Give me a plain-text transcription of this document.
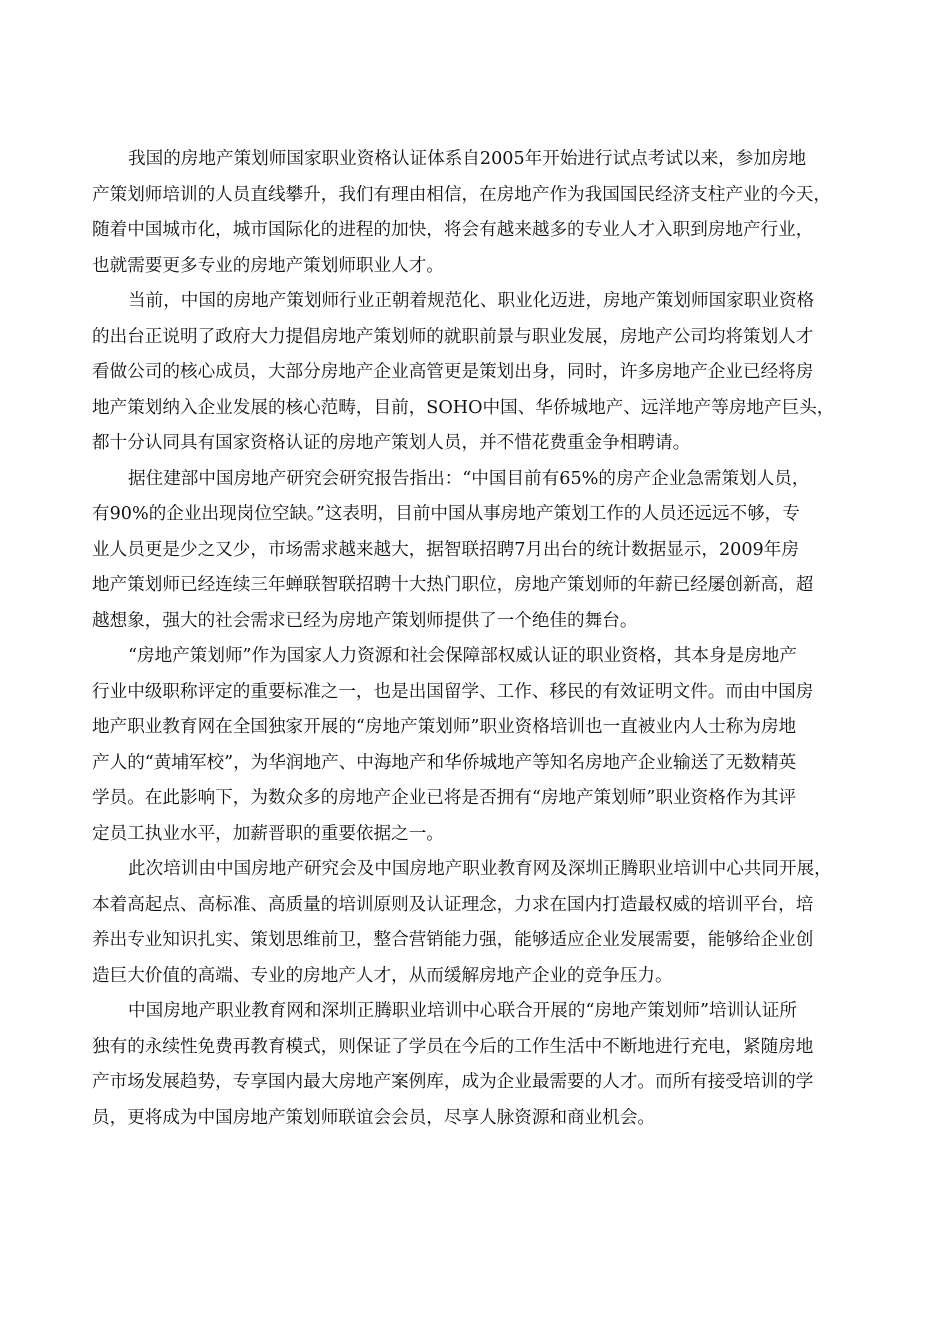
我国的房地产策划师国家职业资格认证体系自2005年开始进行试点考试以来，参加房地
产策划师培训的人员直线攀升，我们有理由相信，在房地产作为我国国民经济支柱产业的今天，
随着中国城市化，城市国际化的进程的加快，将会有越来越多的专业人才入职到房地产行业，
也就需要更多专业的房地产策划师职业人才。
当前，中国的房地产策划师行业正朝着规范化、职业化迈进，房地产策划师国家职业资格
的出台正说明了政府大力提倡房地产策划师的就职前景与职业发展，房地产公司均将策划人才
看做公司的核心成员，大部分房地产企业高管更是策划出身，同时，许多房地产企业已经将房
地产策划纳入企业发展的核心范畴，目前，SOHO中国、华侨城地产、远洋地产等房地产巨头，
都十分认同具有国家资格认证的房地产策划人员，并不惜花费重金争相聘请。
据住建部中国房地产研究会研究报告指出：“中国目前有65%的房产企业急需策划人员，
有90%的企业出现岗位空缺。”这表明，目前中国从事房地产策划工作的人员还远远不够，专
业人员更是少之又少，市场需求越来越大，据智联招聘7月出台的统计数据显示，2009年房
地产策划师已经连续三年蝉联智联招聘十大热门职位，房地产策划师的年薪已经屡创新高，超
越想象，强大的社会需求已经为房地产策划师提供了一个绝佳的舞台。
“房地产策划师”作为国家人力资源和社会保障部权威认证的职业资格，其本身是房地产
行业中级职称评定的重要标准之一，也是出国留学、工作、移民的有效证明文件。而由中国房
地产职业教育网在全国独家开展的“房地产策划师”职业资格培训也一直被业内人士称为房地
产人的“黄埔军校”，为华润地产、中海地产和华侨城地产等知名房地产企业输送了无数精英
学员。在此影响下，为数众多的房地产企业已将是否拥有“房地产策划师”职业资格作为其评
定员工执业水平，加薪晋职的重要依据之一。
此次培训由中国房地产研究会及中国房地产职业教育网及深圳正腾职业培训中心共同开展，
本着高起点、高标准、高质量的培训原则及认证理念，力求在国内打造最权威的培训平台，培
养出专业知识扎实、策划思维前卫，整合营销能力强，能够适应企业发展需要，能够给企业创
造巨大价值的高端、专业的房地产人才，从而缓解房地产企业的竞争压力。
中国房地产职业教育网和深圳正腾职业培训中心联合开展的“房地产策划师”培训认证所
独有的永续性免费再教育模式，则保证了学员在今后的工作生活中不断地进行充电，紧随房地
产市场发展趋势，专享国内最大房地产案例库，成为企业最需要的人才。而所有接受培训的学
员，更将成为中国房地产策划师联谊会会员，尽享人脉资源和商业机会。
